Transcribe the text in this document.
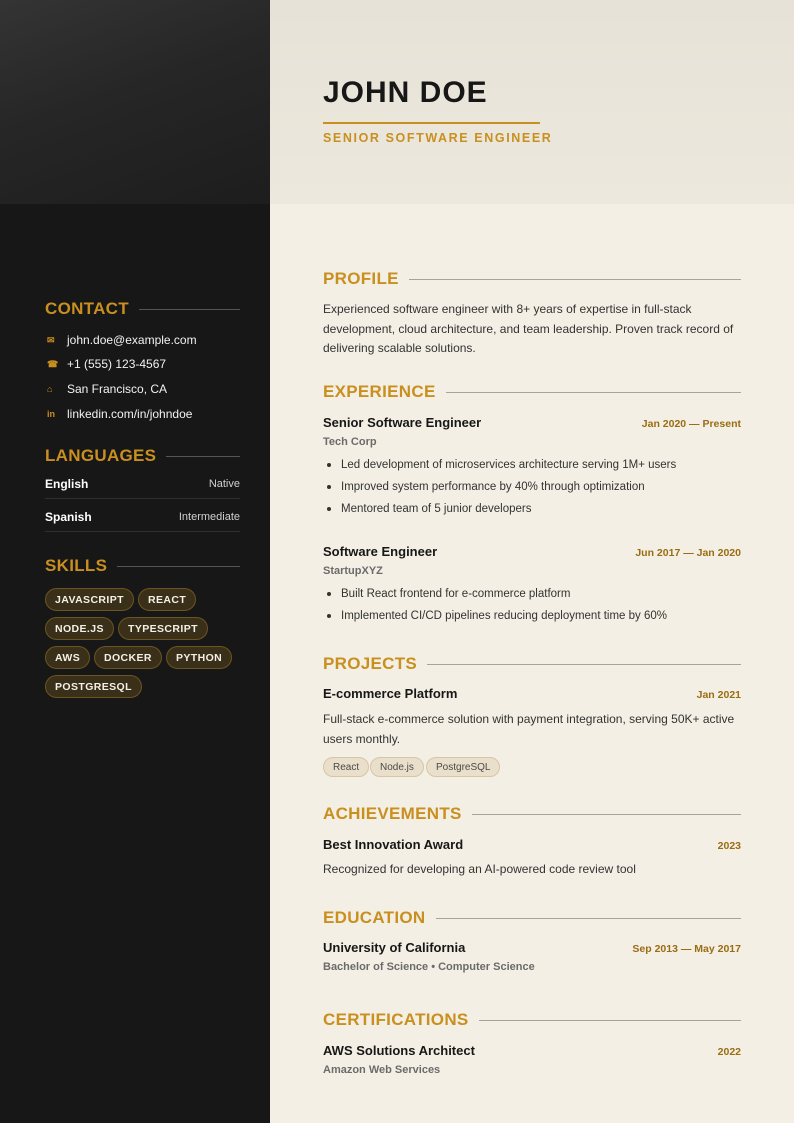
JOHN DOE
SENIOR SOFTWARE ENGINEER
CONTACT
✉	john.doe@example.com
☎ +1 (555) 123-4567
⌂	San Francisco, CA
in	linkedin.com/in/johndoe
LANGUAGES
English	Native
Spanish	Intermediate
SKILLS
JAVASCRIPT	REACT
NODE.JS	TYPESCRIPT
AWS	DOCKER	PYTHON
POSTGRESQL
PROFILE
Experienced software engineer with 8+ years of expertise in full-stack
development, cloud architecture, and team leadership. Proven track record of
delivering scalable solutions.
EXPERIENCE
Senior Software Engineer	Jan 2020 — Present
Tech Corp
Led development of microservices architecture serving 1M+ users
Improved system performance by 40% through optimization
Mentored team of 5 junior developers
Software Engineer	Jun 2017 — Jan 2020
StartupXYZ
Built React frontend for e-commerce platform
Implemented CI/CD pipelines reducing deployment time by 60%
PROJECTS
E-commerce Platform	Jan 2021
Full-stack e-commerce solution with payment integration, serving 50K+ active
users monthly.
React	Node.js	PostgreSQL
ACHIEVEMENTS
Best Innovation Award	2023
Recognized for developing an AI-powered code review tool
EDUCATION
University of California	Sep 2013 — May 2017
Bachelor of Science • Computer Science
CERTIFICATIONS
AWS Solutions Architect	2022
Amazon Web Services
